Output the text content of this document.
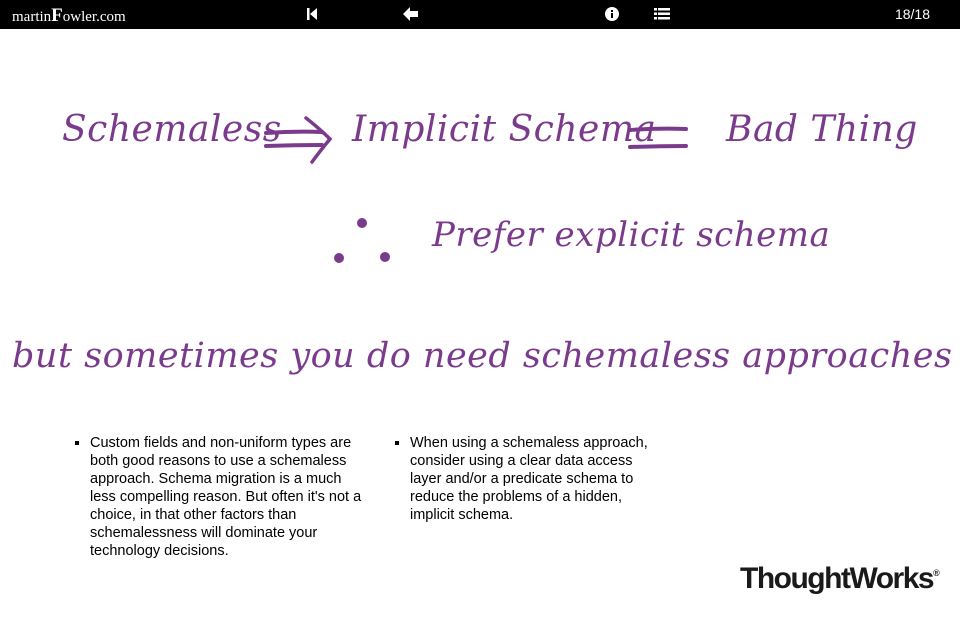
martinFowler.com	18/18
Schemaless Implicit Schema Bad Thing
Prefer explicit schema
but sometimes you do need schemaless approaches
▪ Custom fields and non-uniform types are both good reasons to use a schemaless approach. Schema migration is a much less compelling reason. But often it's not a choice, in that other factors than schemalessness will dominate your technology decisions.
▪ When using a schemaless approach, consider using a clear data access layer and/or a predicate schema to reduce the problems of a hidden, implicit schema.
ThoughtWorks®
